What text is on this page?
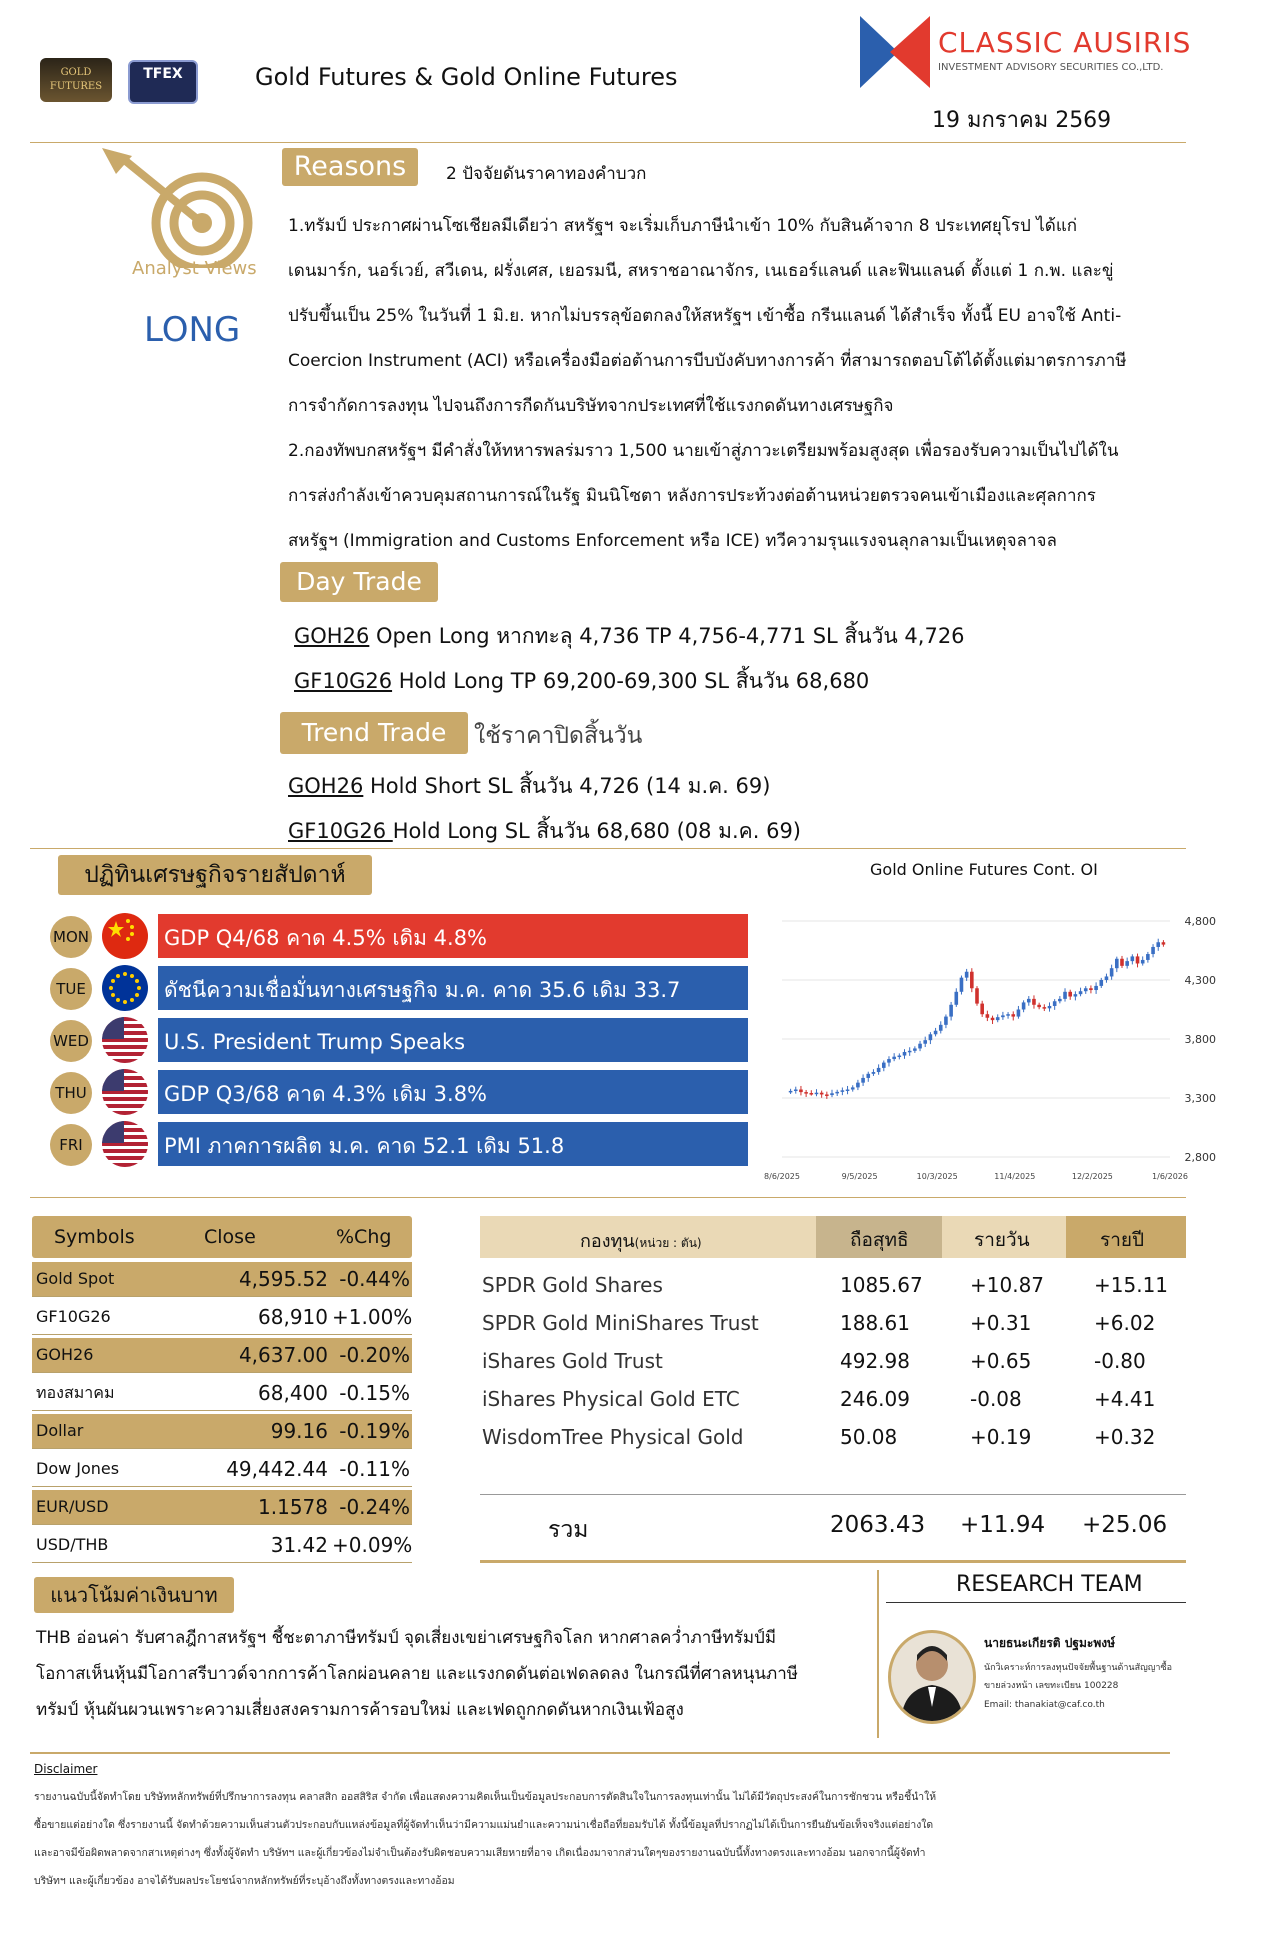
GOLD FUTURES
TFEX	Gold Futures & Gold Online Futures
CLASSIC AUSIRIS
INVESTMENT ADVISORY SECURITIES CO.,LTD.
19 มกราคม 2569
Analyst Views
LONG
Reasons	2 ปัจจัยดันราคาทองคำบวก
1.ทรัมป์ ประกาศผ่านโซเชียลมีเดียว่า สหรัฐฯ จะเริ่มเก็บภาษีนำเข้า 10% กับสินค้าจาก 8 ประเทศยุโรป ได้แก่
เดนมาร์ก, นอร์เวย์, สวีเดน, ฝรั่งเศส, เยอรมนี, สหราชอาณาจักร, เนเธอร์แลนด์ และฟินแลนด์ ตั้งแต่ 1 ก.พ. และขู่
ปรับขึ้นเป็น 25% ในวันที่ 1 มิ.ย. หากไม่บรรลุข้อตกลงให้สหรัฐฯ เข้าซื้อ กรีนแลนด์ ได้สำเร็จ ทั้งนี้ EU อาจใช้ Anti-
Coercion Instrument (ACI) หรือเครื่องมือต่อต้านการบีบบังคับทางการค้า ที่สามารถตอบโต้ได้ตั้งแต่มาตรการภาษี
การจำกัดการลงทุน ไปจนถึงการกีดกันบริษัทจากประเทศที่ใช้แรงกดดันทางเศรษฐกิจ
2.กองทัพบกสหรัฐฯ มีคำสั่งให้ทหารพลร่มราว 1,500 นายเข้าสู่ภาวะเตรียมพร้อมสูงสุด เพื่อรองรับความเป็นไปได้ใน
การส่งกำลังเข้าควบคุมสถานการณ์ในรัฐ มินนิโซตา หลังการประท้วงต่อต้านหน่วยตรวจคนเข้าเมืองและศุลกากร
สหรัฐฯ (Immigration and Customs Enforcement หรือ ICE) ทวีความรุนแรงจนลุกลามเป็นเหตุจลาจล
Day Trade
GOH26 Open Long หากทะลุ 4,736 TP 4,756-4,771 SL สิ้นวัน 4,726
GF10G26 Hold Long TP 69,200-69,300 SL สิ้นวัน 68,680
Trend Trade	ใช้ราคาปิดสิ้นวัน
GOH26 Hold Short SL สิ้นวัน 4,726 (14 ม.ค. 69)
GF10G26 Hold Long SL สิ้นวัน 68,680 (08 ม.ค. 69)
ปฏิทินเศรษฐกิจรายสัปดาห์
MON	GDP Q4/68 คาด 4.5% เดิม 4.8%
TUE	ดัชนีความเชื่อมั่นทางเศรษฐกิจ ม.ค. คาด 35.6 เดิม 33.7
WED	U.S. President Trump Speaks
THU	GDP Q3/68 คาด 4.3% เดิม 3.8%
FRI	PMI ภาคการผลิต ม.ค. คาด 52.1 เดิม 51.8
Gold Online Futures Cont. OI
4,800
4,300
3,800
3,300
2,800
8/6/2025	9/5/2025	10/3/2025	11/4/2025	12/2/2025	1/6/2026
Symbols	Close	%Chg
Gold Spot	4,595.52 -0.44%
GF10G26	68,910 +1.00%
GOH26	4,637.00 -0.20%
ทองสมาคม	68,400 -0.15%
Dollar	99.16 -0.19%
Dow Jones	49,442.44 -0.11%
EUR/USD	1.1578 -0.24%
USD/THB	31.42 +0.09%
กองทุน(หน่วย : ตัน)	ถือสุทธิ	รายวัน	รายปี
SPDR Gold Shares	1085.67 +10.87 +15.11
SPDR Gold MiniShares Trust	188.61	+0.31	+6.02
iShares Gold Trust	492.98	+0.65	-0.80
iShares Physical Gold ETC	246.09	-0.08	+4.41
WisdomTree Physical Gold	50.08	+0.19	+0.32
รวม	2063.43 +11.94 +25.06
แนวโน้มค่าเงินบาท
THB อ่อนค่า รับศาลฎีกาสหรัฐฯ ชี้ชะตาภาษีทรัมป์ จุดเสี่ยงเขย่าเศรษฐกิจโลก หากศาลคว่ำภาษีทรัมป์มี
โอกาสเห็นหุ้นมีโอกาสรีบาวด์จากการค้าโลกผ่อนคลาย และแรงกดดันต่อเฟดลดลง ในกรณีที่ศาลหนุนภาษี
ทรัมป์ หุ้นผันผวนเพราะความเสี่ยงสงครามการค้ารอบใหม่ และเฟดถูกกดดันหากเงินเฟ้อสูง
RESEARCH TEAM
นายธนะเกียรติ ปฐมะพงษ์
นักวิเคราะห์การลงทุนปัจจัยพื้นฐานด้านสัญญาซื้อ
ขายล่วงหน้า เลขทะเบียน 100228
Email: thanakiat@caf.co.th
Disclaimer
รายงานฉบับนี้จัดทำโดย บริษัทหลักทรัพย์ที่ปรึกษาการลงทุน คลาสสิก ออสสิริส จำกัด เพื่อแสดงความคิดเห็นเป็นข้อมูลประกอบการตัดสินใจในการลงทุนเท่านั้น ไม่ได้มีวัตถุประสงค์ในการชักชวน หรือชี้นำให้
ซื้อขายแต่อย่างใด ซึ่งรายงานนี้ จัดทำด้วยความเห็นส่วนตัวประกอบกับแหล่งข้อมูลที่ผู้จัดทำเห็นว่ามีความแม่นยำและความน่าเชื่อถือที่ยอมรับได้ ทั้งนี้ข้อมูลที่ปรากฏไม่ได้เป็นการยืนยันข้อเท็จจริงแต่อย่างใด
และอาจมีข้อผิดพลาดจากสาเหตุต่างๆ ซึ่งทั้งผู้จัดทำ บริษัทฯ และผู้เกี่ยวข้องไม่จำเป็นต้องรับผิดชอบความเสียหายที่อาจ เกิดเนื่องมาจากส่วนใดๆของรายงานฉบับนี้ทั้งทางตรงและทางอ้อม นอกจากนี้ผู้จัดทำ
บริษัทฯ และผู้เกี่ยวข้อง อาจได้รับผลประโยชน์จากหลักทรัพย์ที่ระบุอ้างถึงทั้งทางตรงและทางอ้อม
